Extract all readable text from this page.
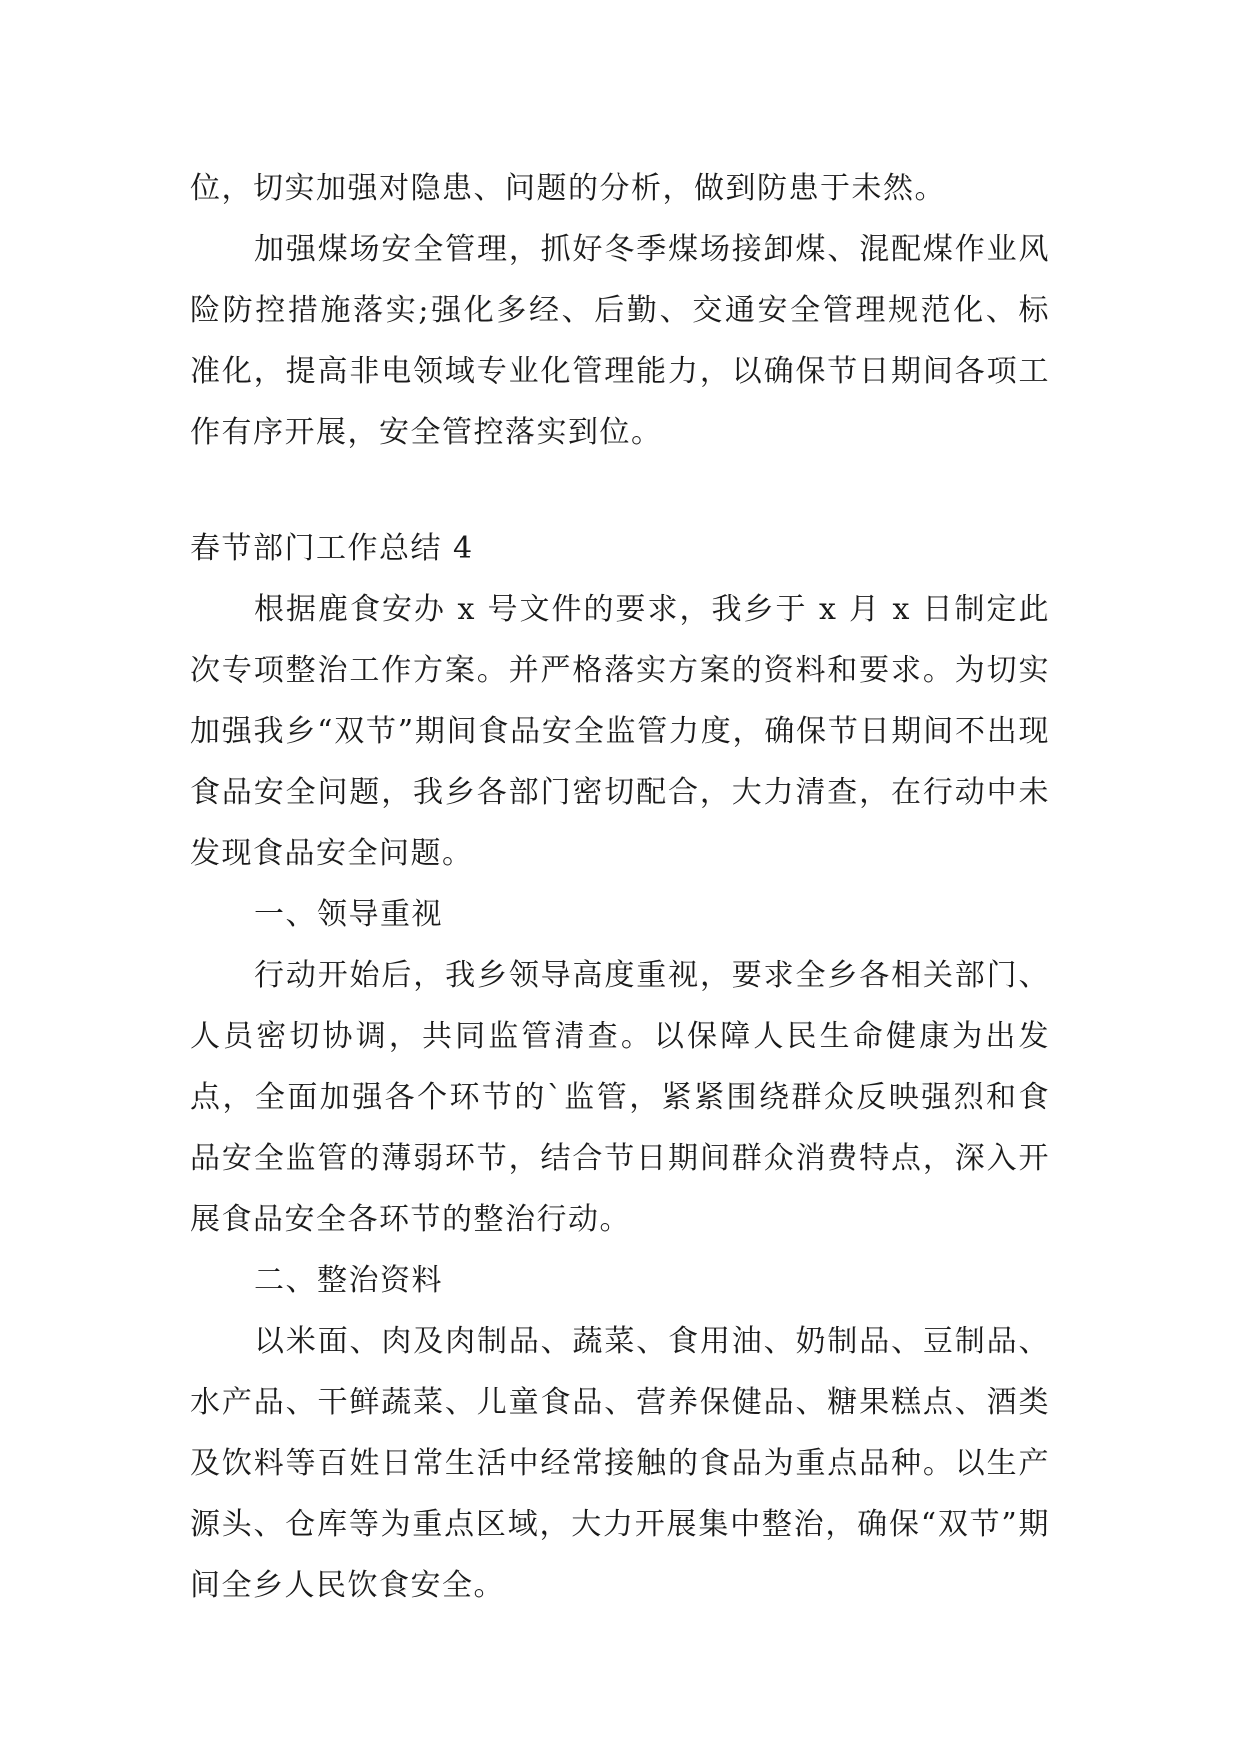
位，切实加强对隐患、问题的分析，做到防患于未然。

加强煤场安全管理，抓好冬季煤场接卸煤、混配煤作业风险防控措施落实;强化多经、后勤、交通安全管理规范化、标准化，提高非电领域专业化管理能力，以确保节日期间各项工作有序开展，安全管控落实到位。

春节部门工作总结 4

根据鹿食安办 x 号文件的要求，我乡于 x 月 x 日制定此次专项整治工作方案。并严格落实方案的资料和要求。为切实加强我乡“双节”期间食品安全监管力度，确保节日期间不出现食品安全问题，我乡各部门密切配合，大力清查，在行动中未发现食品安全问题。

一、领导重视

行动开始后，我乡领导高度重视，要求全乡各相关部门、人员密切协调，共同监管清查。以保障人民生命健康为出发点，全面加强各个环节的`监管，紧紧围绕群众反映强烈和食品安全监管的薄弱环节，结合节日期间群众消费特点，深入开展食品安全各环节的整治行动。

二、整治资料

以米面、肉及肉制品、蔬菜、食用油、奶制品、豆制品、水产品、干鲜蔬菜、儿童食品、营养保健品、糖果糕点、酒类及饮料等百姓日常生活中经常接触的食品为重点品种。以生产源头、仓库等为重点区域，大力开展集中整治，确保“双节”期间全乡人民饮食安全。
